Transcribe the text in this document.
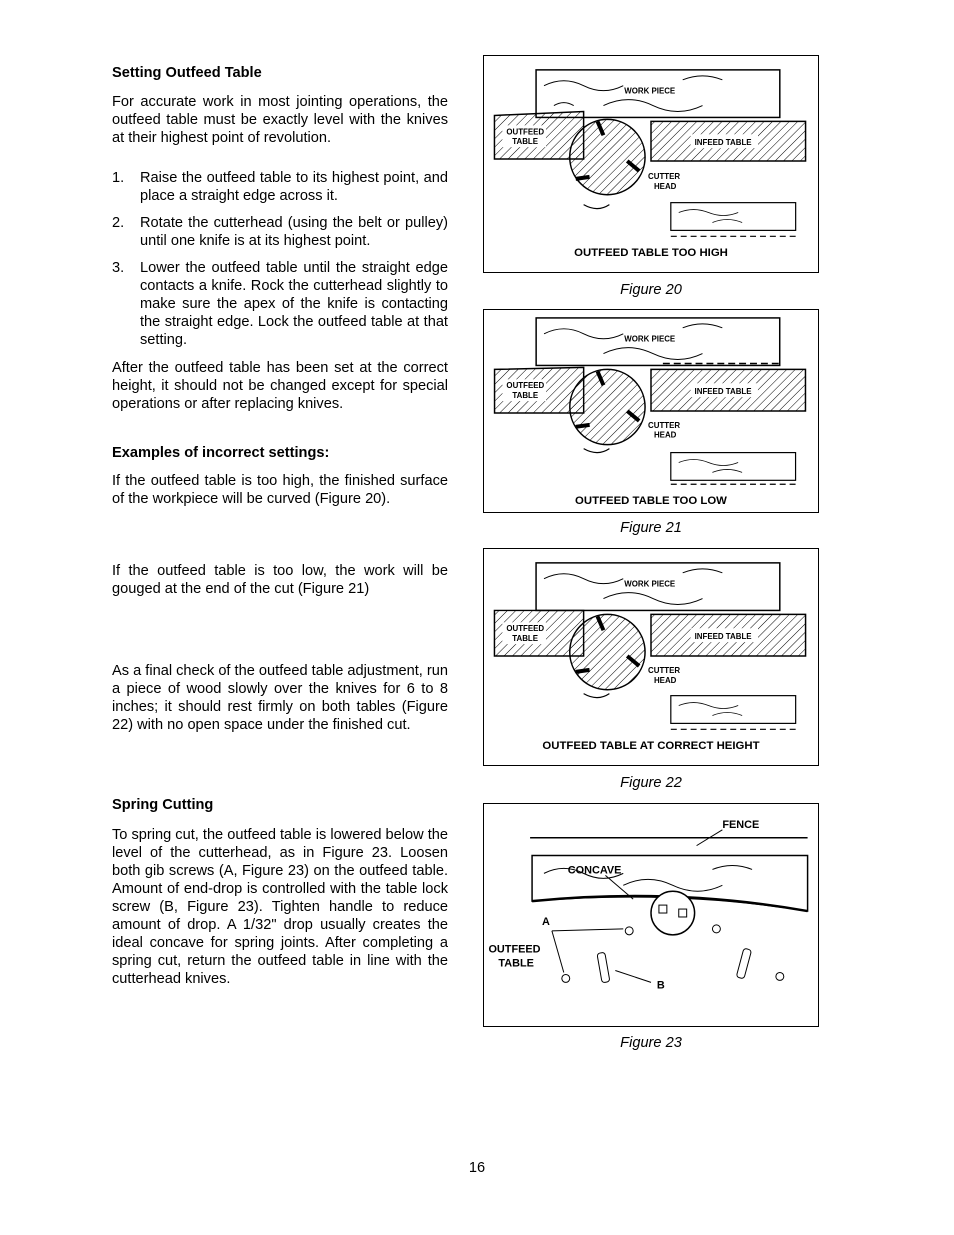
Setting Outfeed Table

For accurate work in most jointing operations, the outfeed table must be exactly level with the knives at their highest point of revolution.

1. Raise the outfeed table to its highest point, and place a straight edge across it.
2. Rotate the cutterhead (using the belt or pulley) until one knife is at its highest point.
3. Lower the outfeed table until the straight edge contacts a knife. Rock the cutterhead slightly to make sure the apex of the knife is contacting the straight edge. Lock the outfeed table at that setting.

After the outfeed table has been set at the correct height, it should not be changed except for special operations or after replacing knives.

Examples of incorrect settings:

If the outfeed table is too high, the finished surface of the workpiece will be curved (Figure 20).

If the outfeed table is too low, the work will be gouged at the end of the cut (Figure 21)

As a final check of the outfeed table adjustment, run a piece of wood slowly over the knives for 6 to 8 inches; it should rest firmly on both tables (Figure 22) with no open space under the finished cut.

Spring Cutting

To spring cut, the outfeed table is lowered below the level of the cutterhead, as in Figure 23. Loosen both gib screws (A, Figure 23) on the outfeed table. Amount of end-drop is controlled with the table lock screw (B, Figure 23). Tighten handle to reduce amount of drop. A 1/32" drop usually creates the ideal concave for spring joints. After completing a spring cut, return the outfeed table in line with the cutterhead knives.

WORK PIECE
OUTFEED
TABLE	INFEED TABLE
CUTTER
HEAD
OUTFEED TABLE TOO HIGH
Figure 20
WORK PIECE
OUTFEED
TABLE	INFEED TABLE
CUTTER
HEAD
OUTFEED TABLE TOO LOW
Figure 21
WORK PIECE
OUTFEED
TABLE	INFEED TABLE
CUTTER
HEAD
OUTFEED TABLE AT CORRECT HEIGHT
Figure 22
FENCE
CONCAVE
A
B
OUTFEED
TABLE
Figure 23
16
